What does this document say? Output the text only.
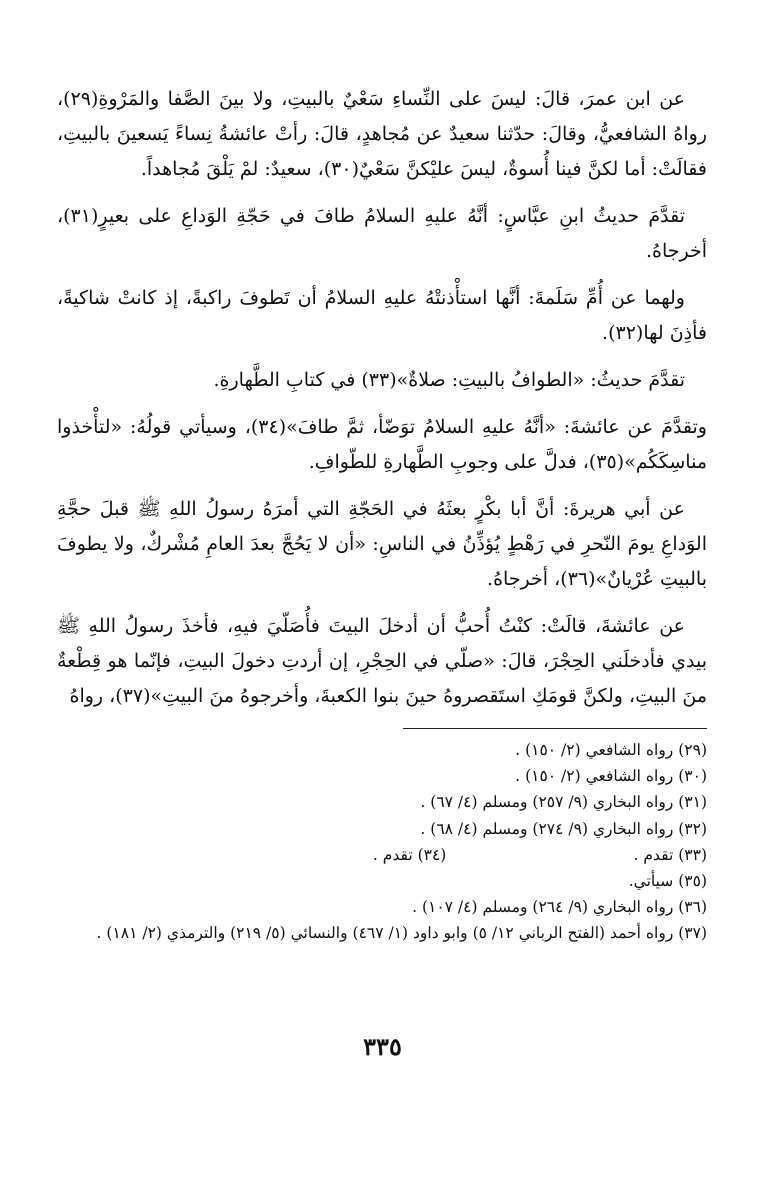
عن ابن عمرَ، قالَ: ليسَ على النِّساءِ سَعْيٌ بالبيتِ، ولا بينَ الصَّفا والمَرْوةِ(٢٩)، رواهُ الشافعيُّ، وقالَ: حدّثنا سعيدٌ عن مُجاهدٍ، قالَ: رأتْ عائشةُ نِساءً يَسعينَ بالبيتِ، فقالَتْ: أما لكنَّ فينا أُسوةٌ، ليسَ عليْكنَّ سَعْيٌ(٣٠)، سعيدٌ: لمْ يَلْقَ مُجاهداً.

تقدَّمَ حديثُ ابنِ عبَّاسٍ: أنَّهُ عليهِ السلامُ طافَ في حَجّةِ الوَداعِ على بعيرٍ(٣١)، أخرجاهُ.

ولهما عن أُمِّ سَلَمةَ: أنَّها استأْذنتْهُ عليهِ السلامُ أن تَطوفَ راكبةً، إذ كانتْ شاكيةً، فأذِنَ لها(٣٢).

تقدَّمَ حديثُ: «الطوافُ بالبيتِ: صلاةٌ»(٣٣) في كتابِ الطَّهارةِ.

وتقدَّمَ عن عائشةَ: «أنَّهُ عليهِ السلامُ توَضّأ، ثمَّ طافَ»(٣٤)، وسيأتي قولُهُ: «لتأْخذوا مناسِكَكُم»(٣٥)، فدلَّ على وجوبِ الطَّهارةِ للطّوافِ.

عن أبي هريرةَ: أنَّ أبا بكْرٍ بعثَهُ في الحَجّةِ التي أمرَهُ رسولُ اللهِ ﷺ قبلَ حجَّةِ الوَداعِ يومَ النّحرِ في رَهْطٍ يُؤذِّنُ في الناسِ: «أن لا يَحُجَّ بعدَ العامِ مُشْركٌ، ولا يطوفَ بالبيتِ عُرْيانٌ»(٣٦)، أخرجاهُ.

عن عائشةَ، قالَتْ: كنْتُ أُحبُّ أن أدخلَ البيتَ فأُصَلّيَ فيهِ، فأخذَ رسولُ اللهِ ﷺ بيدي فأدخلَني الحِجْرَ، قالَ: «صلّي في الحِجْرِ، إن أردتِ دخولَ البيتِ، فإنّما هو قِطْعةٌ منَ البيتِ، ولكنَّ قومَكِ استَقصروهُ حينَ بنوا الكعبةَ، وأخرجوهُ منَ البيتِ»(٣٧)، رواهُ

(٢٩) رواه الشافعي (٢/ ١٥٠) .
(٣٠) رواه الشافعي (٢/ ١٥٠) .
(٣١) رواه البخاري (٩/ ٢٥٧) ومسلم (٤/ ٦٧) .
(٣٢) رواه البخاري (٩/ ٢٧٤) ومسلم (٤/ ٦٨) .
(٣٣) تقدم .                                      (٣٤) تقدم .
(٣٥) سيأتي.
(٣٦) رواه البخاري (٩/ ٢٦٤) ومسلم (٤/ ١٠٧) .
(٣٧) رواه أحمد (الفتح الرباني ١٢/ ٥) وابو داود (١/ ٤٦٧) والنسائي (٥/ ٢١٩) والترمذي (٢/ ١٨١) .
٣٣٥
